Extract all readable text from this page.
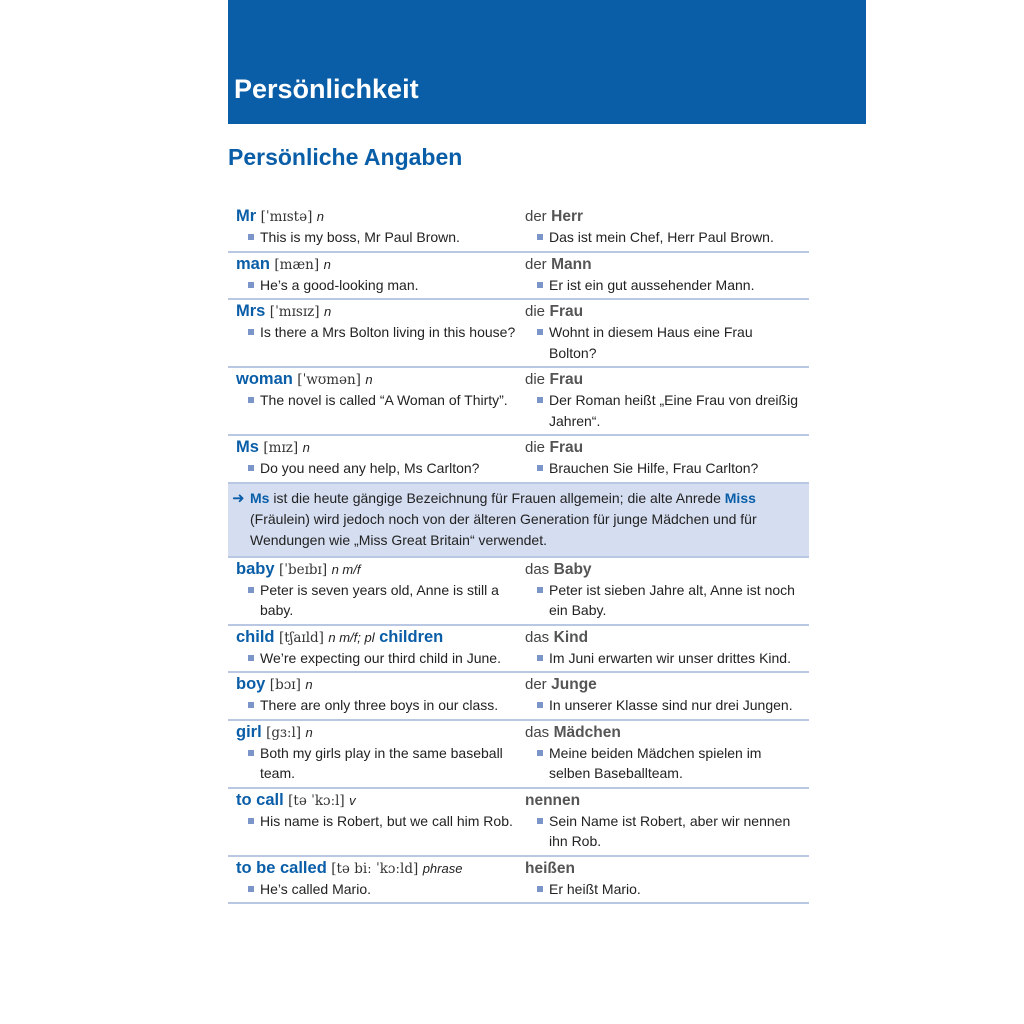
Persönlichkeit
Persönliche Angaben
Mr [ˈmɪstə] n
This is my boss, Mr Paul Brown.
der Herr
Das ist mein Chef, Herr Paul Brown.
man [mæn] n
He’s a good-looking man.
der Mann
Er ist ein gut aussehender Mann.
Mrs [ˈmɪsɪz] n
Is there a Mrs Bolton living in this house?
die Frau
Wohnt in diesem Haus eine Frau Bolton?
woman [ˈwʊmən] n
The novel is called “A Woman of Thirty”.
die Frau
Der Roman heißt „Eine Frau von dreißig Jahren“.
Ms [mɪz] n
Do you need any help, Ms Carlton?
die Frau
Brauchen Sie Hilfe, Frau Carlton?
➜ Ms ist die heute gängige Bezeichnung für Frauen allgemein; die alte Anrede Miss (Fräulein) wird jedoch noch von der älteren Generation für junge Mädchen und für Wendungen wie „Miss Great Britain“ verwendet.
baby [ˈbeɪbɪ] n m/f
Peter is seven years old, Anne is still a baby.
das Baby
Peter ist sieben Jahre alt, Anne ist noch ein Baby.
child [tʃaɪld] n m/f; pl children
We’re expecting our third child in June.
das Kind
Im Juni erwarten wir unser drittes Kind.
boy [bɔɪ] n
There are only three boys in our class.
der Junge
In unserer Klasse sind nur drei Jungen.
girl [gɜːl] n
Both my girls play in the same baseball team.
das Mädchen
Meine beiden Mädchen spielen im selben Baseballteam.
to call [tə ˈkɔːl] v
His name is Robert, but we call him Rob.
nennen
Sein Name ist Robert, aber wir nennen ihn Rob.
to be called [tə biː ˈkɔːld] phrase
He’s called Mario.
heißen
Er heißt Mario.
